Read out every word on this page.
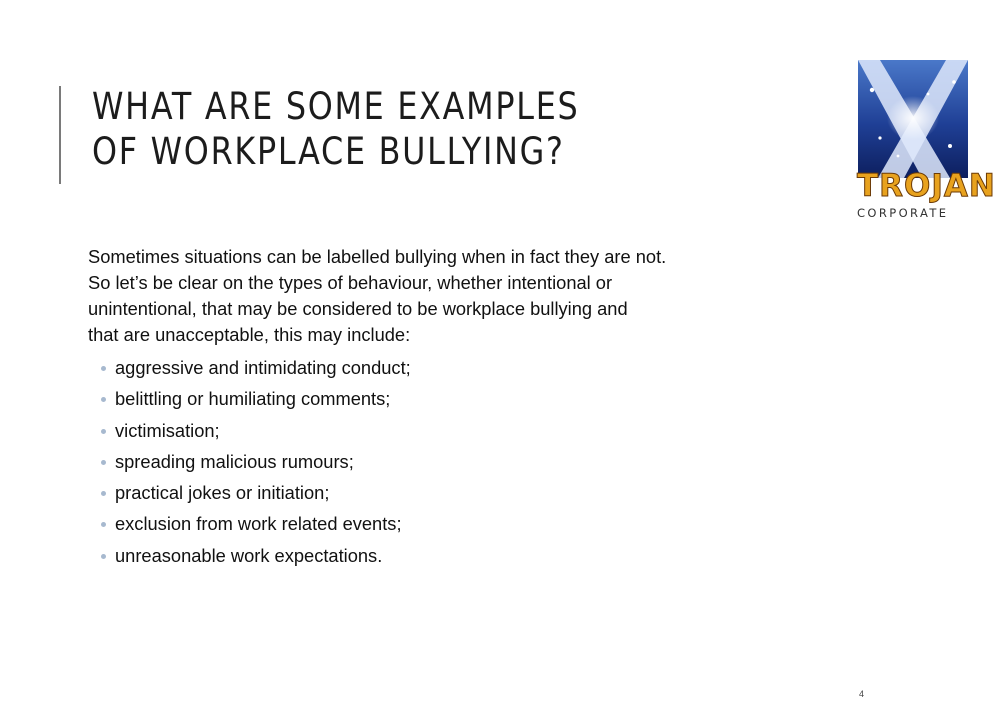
WHAT ARE SOME EXAMPLES
OF WORKPLACE BULLYING?
TROJAN
CORPORATE

Sometimes situations can be labelled bullying when in fact they are not.
So let’s be clear on the types of behaviour, whether intentional or
unintentional, that may be considered to be workplace bullying and
that are unacceptable, this may include:

aggressive and intimidating conduct;
belittling or humiliating comments;
victimisation;
spreading malicious rumours;
practical jokes or initiation;
exclusion from work related events;
unreasonable work expectations.
4
